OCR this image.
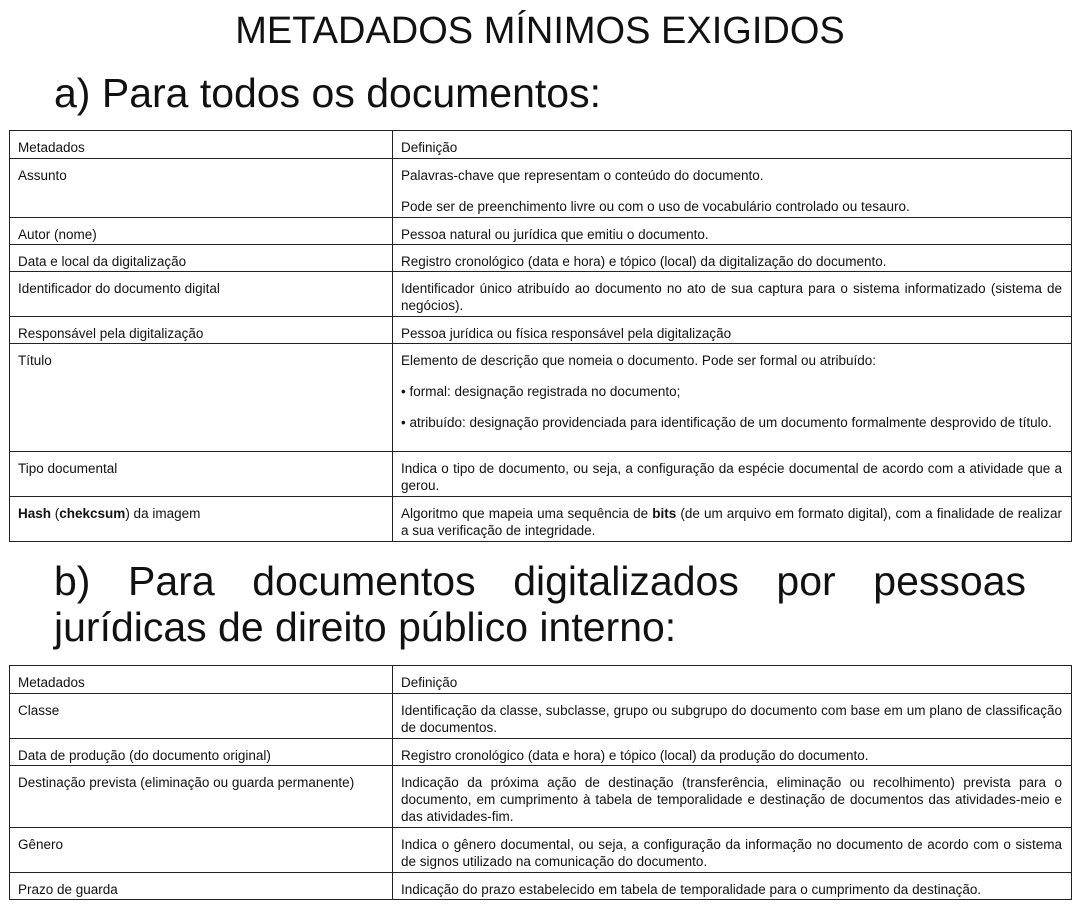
METADADOS MÍNIMOS EXIGIDOS
a) Para todos os documentos:
Metadados	Definição

Assunto	Palavras-chave que representam o conteúdo do documento.
Pode ser de preenchimento livre ou com o uso de vocabulário controlado ou tesauro.

Autor (nome)	Pessoa natural ou jurídica que emitiu o documento.

Data e local da digitalização	Registro cronológico (data e hora) e tópico (local) da digitalização do documento.

Identificador do documento digital	Identificador único atribuído ao documento no ato de sua captura para o sistema informatizado (sistema de negócios).

Responsável pela digitalização	Pessoa jurídica ou física responsável pela digitalização

Título	Elemento de descrição que nomeia o documento. Pode ser formal ou atribuído:
• formal: designação registrada no documento;
• atribuído: designação providenciada para identificação de um documento formalmente desprovido de título.

Tipo documental	Indica o tipo de documento, ou seja, a configuração da espécie documental de acordo com a atividade que a gerou.

Hash (chekcsum) da imagem	Algoritmo que mapeia uma sequência de bits (de um arquivo em formato digital), com a finalidade de realizar a sua verificação de integridade.
b) Para documentos digitalizados por pessoas jurídicas de direito público interno:
Metadados	Definição

Classe	Identificação da classe, subclasse, grupo ou subgrupo do documento com base em um plano de classificação de documentos.

Data de produção (do documento original)	Registro cronológico (data e hora) e tópico (local) da produção do documento.

Destinação prevista (eliminação ou guarda permanente)	Indicação da próxima ação de destinação (transferência, eliminação ou recolhimento) prevista para o documento, em cumprimento à tabela de temporalidade e destinação de documentos das atividades-meio e das atividades-fim.

Gênero	Indica o gênero documental, ou seja, a configuração da informação no documento de acordo com o sistema de signos utilizado na comunicação do documento.

Prazo de guarda	Indicação do prazo estabelecido em tabela de temporalidade para o cumprimento da destinação.
